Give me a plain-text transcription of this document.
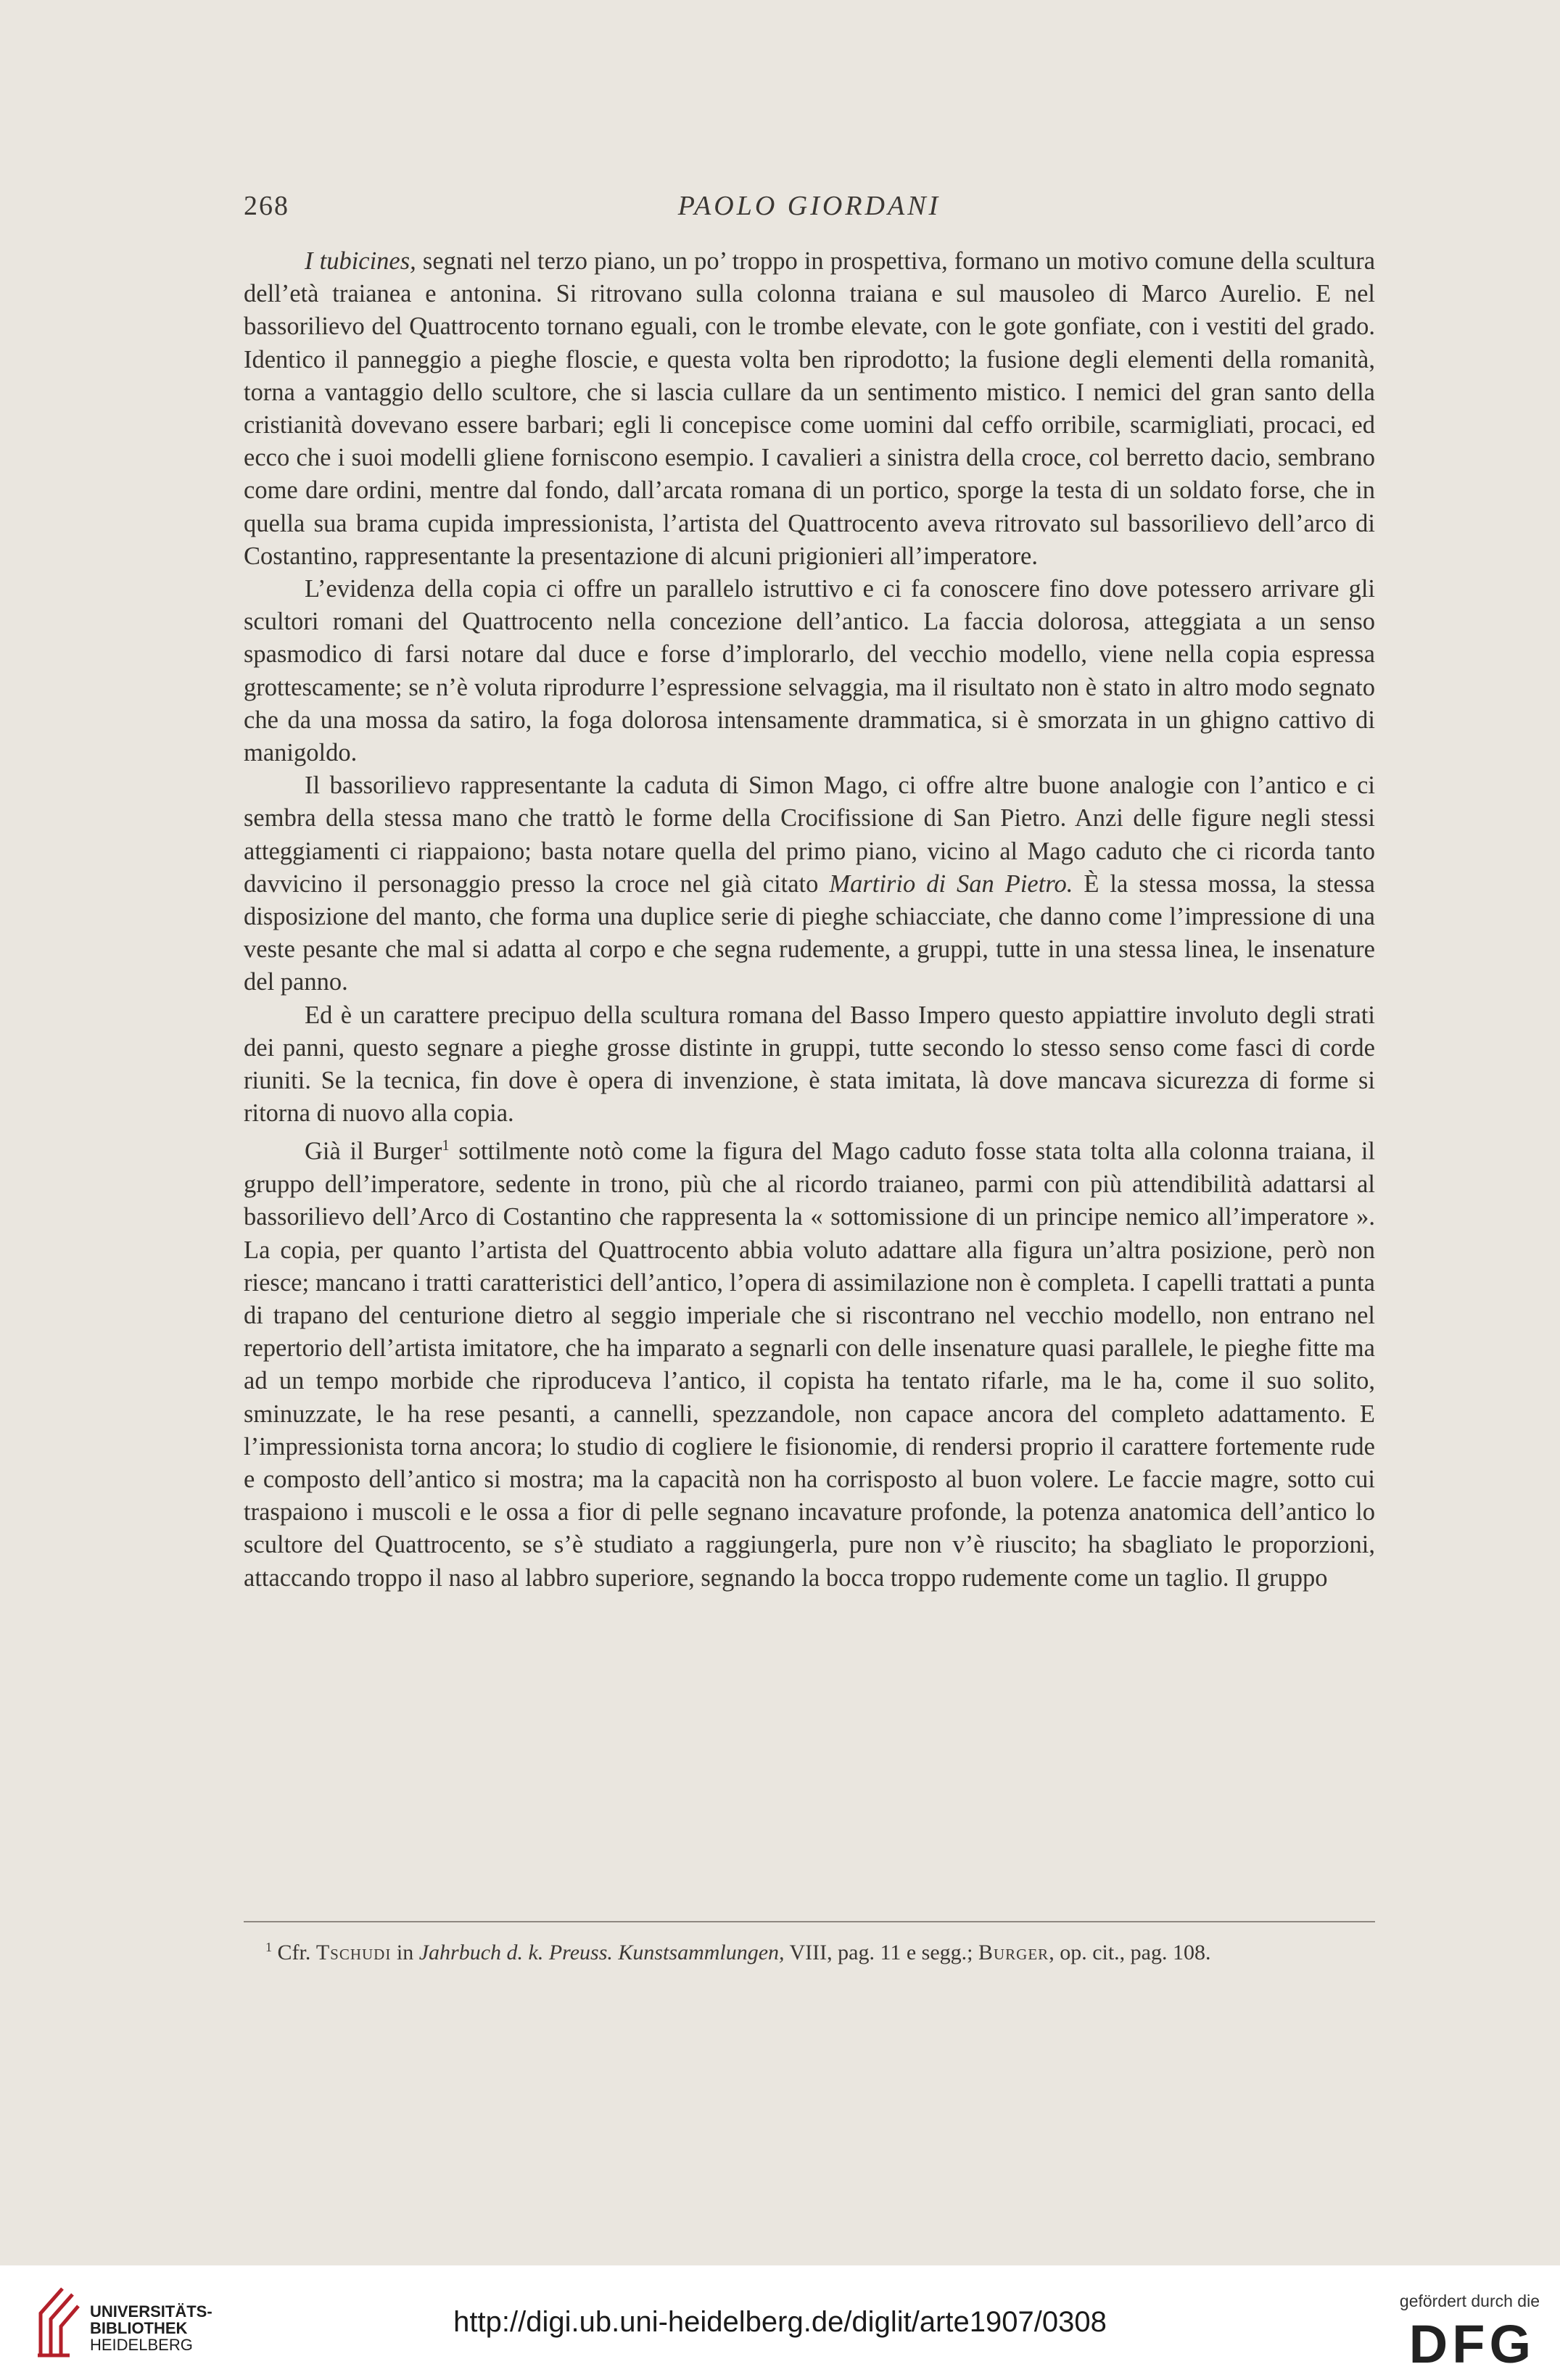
268	PAOLO GIORDANI

I tubicines, segnati nel terzo piano, un po’ troppo in prospettiva, formano un motivo comune della scultura dell’età traianea e antonina. Si ritrovano sulla colonna traiana e sul mausoleo di Marco Aurelio. E nel bassorilievo del Quattrocento tornano eguali, con le trombe elevate, con le gote gonfiate, con i vestiti del grado. Identico il panneggio a pieghe floscie, e questa volta ben riprodotto; la fusione degli elementi della romanità, torna a vantaggio dello scultore, che si lascia cullare da un sentimento mistico. I nemici del gran santo della cristianità dovevano essere barbari; egli li concepisce come uomini dal ceffo orribile, scarmigliati, procaci, ed ecco che i suoi modelli gliene forniscono esempio. I cavalieri a sinistra della croce, col berretto dacio, sembrano come dare ordini, mentre dal fondo, dall’arcata romana di un portico, sporge la testa di un soldato forse, che in quella sua brama cupida impressionista, l’artista del Quattrocento aveva ritrovato sul bassorilievo dell’arco di Costantino, rappresentante la presentazione di alcuni prigionieri all’imperatore.

L’evidenza della copia ci offre un parallelo istruttivo e ci fa conoscere fino dove potessero arrivare gli scultori romani del Quattrocento nella concezione dell’antico. La faccia dolorosa, atteggiata a un senso spasmodico di farsi notare dal duce e forse d’implorarlo, del vecchio modello, viene nella copia espressa grottescamente; se n’è voluta riprodurre l’espressione selvaggia, ma il risultato non è stato in altro modo segnato che da una mossa da satiro, la foga dolorosa intensamente drammatica, si è smorzata in un ghigno cattivo di manigoldo.

Il bassorilievo rappresentante la caduta di Simon Mago, ci offre altre buone analogie con l’antico e ci sembra della stessa mano che trattò le forme della Crocifissione di San Pietro. Anzi delle figure negli stessi atteggiamenti ci riappaiono; basta notare quella del primo piano, vicino al Mago caduto che ci ricorda tanto davvicino il personaggio presso la croce nel già citato Martirio di San Pietro. È la stessa mossa, la stessa disposizione del manto, che forma una duplice serie di pieghe schiacciate, che danno come l’impressione di una veste pesante che mal si adatta al corpo e che segna rudemente, a gruppi, tutte in una stessa linea, le insenature del panno.

Ed è un carattere precipuo della scultura romana del Basso Impero questo appiattire involuto degli strati dei panni, questo segnare a pieghe grosse distinte in gruppi, tutte secondo lo stesso senso come fasci di corde riuniti. Se la tecnica, fin dove è opera di invenzione, è stata imitata, là dove mancava sicurezza di forme si ritorna di nuovo alla copia.

Già il Burger$^1$ sottilmente notò come la figura del Mago caduto fosse stata tolta alla colonna traiana, il gruppo dell’imperatore, sedente in trono, più che al ricordo traianeo, parmi con più attendibilità adattarsi al bassorilievo dell’Arco di Costantino che rappresenta la « sottomissione di un principe nemico all’imperatore ». La copia, per quanto l’artista del Quattrocento abbia voluto adattare alla figura un’altra posizione, però non riesce; mancano i tratti caratteristici dell’antico, l’opera di assimilazione non è completa. I capelli trattati a punta di trapano del centurione dietro al seggio imperiale che si riscontrano nel vecchio modello, non entrano nel repertorio dell’artista imitatore, che ha imparato a segnarli con delle insenature quasi parallele, le pieghe fitte ma ad un tempo morbide che riproduceva l’antico, il copista ha tentato rifarle, ma le ha, come il suo solito, sminuzzate, le ha rese pesanti, a cannelli, spezzandole, non capace ancora del completo adattamento. E l’impressionista torna ancora; lo studio di cogliere le fisionomie, di rendersi proprio il carattere fortemente rude e composto dell’antico si mostra; ma la capacità non ha corrisposto al buon volere. Le faccie magre, sotto cui traspaiono i muscoli e le ossa a fior di pelle segnano incavature profonde, la potenza anatomica dell’antico lo scultore del Quattrocento, se s’è studiato a raggiungerla, pure non v’è riuscito; ha sbagliato le proporzioni, attaccando troppo il naso al labbro superiore, segnando la bocca troppo rudemente come un taglio. Il gruppo

$^1$ Cfr. Tschudi in Jahrbuch d. k. Preuss. Kunstsammlungen, VIII, pag. 11 e segg.; Burger, op. cit., pag. 108.
UNIVERSITÄTS-
BIBLIOTHEK
HEIDELBERG
http://digi.ub.uni-heidelberg.de/diglit/arte1907/0308
gefördert durch die
DFG
